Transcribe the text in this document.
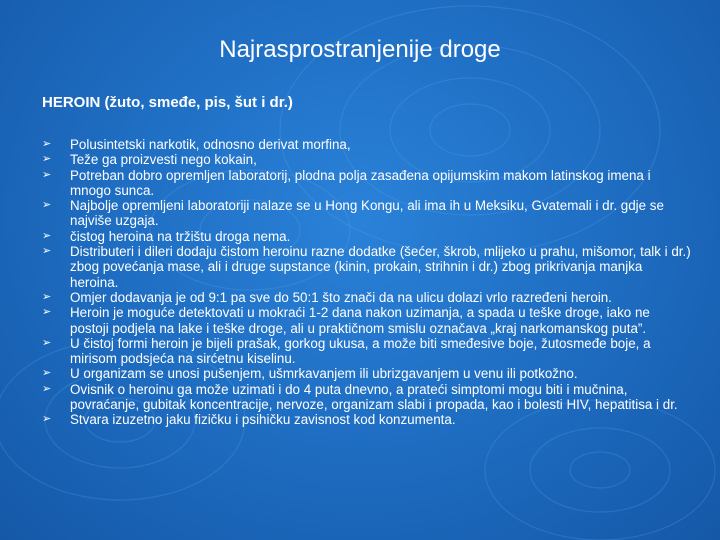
Najrasprostranjenije droge
HEROIN (žuto, smeđe, pis, šut i dr.)
➢	Polusintetski narkotik, odnosno derivat morfina,
➢	Teže ga proizvesti nego kokain,
➢	Potreban dobro opremljen laboratorij, plodna polja zasađena opijumskim makom latinskog imena i mnogo sunca.
➢	Najbolje opremljeni laboratoriji nalaze se u Hong Kongu, ali ima ih u Meksiku, Gvatemali i dr. gdje se najviše uzgaja.
➢	čistog heroina na tržištu droga nema.
➢	Distributeri i dileri dodaju čistom heroinu razne dodatke (šećer, škrob, mlijeko u prahu, mišomor, talk i dr.) zbog povećanja mase, ali i druge supstance (kinin, prokain, strihnin i dr.) zbog prikrivanja manjka heroina.
➢	Omjer dodavanja je od 9:1 pa sve do 50:1 što znači da na ulicu dolazi vrlo razređeni heroin.
➢	Heroin je moguće detektovati u mokraći 1-2 dana nakon uzimanja, a spada u teške droge, iako ne postoji podjela na lake i teške droge, ali u praktičnom smislu označava „kraj narkomanskog puta”.
➢	U čistoj formi heroin je bijeli prašak, gorkog ukusa, a može biti smeđesive boje, žutosmeđe boje, a mirisom podsjeća na sirćetnu kiselinu.
➢	U organizam se unosi pušenjem, ušmrkavanjem ili ubrizgavanjem u venu ili potkožno.
➢	Ovisnik o heroinu ga može uzimati i do 4 puta dnevno, a prateći simptomi mogu biti i mučnina, povraćanje, gubitak koncentracije, nervoze, organizam slabi i propada, kao i bolesti HIV, hepatitisa i dr.
➢	Stvara izuzetno jaku fizičku i psihičku zavisnost kod konzumenta.
